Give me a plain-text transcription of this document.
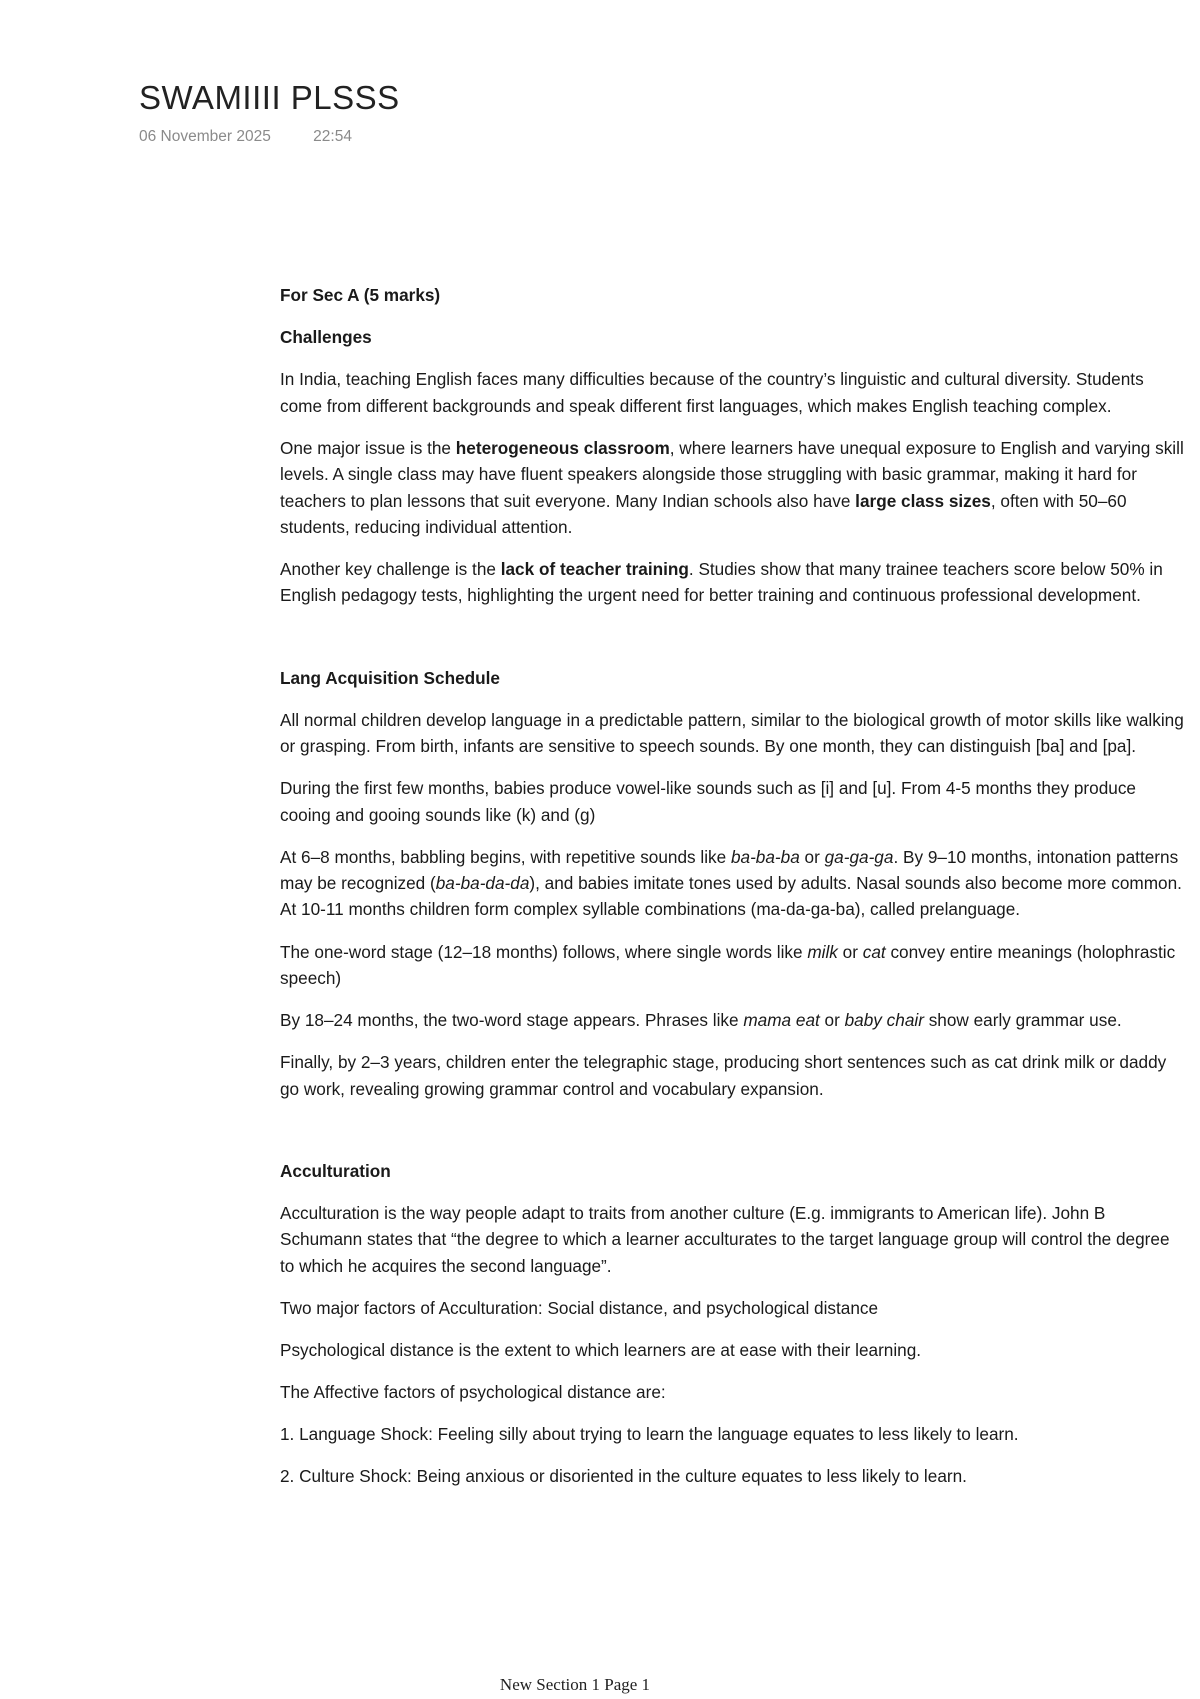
SWAMIIII PLSSS
06 November 2025	22:54
For Sec A (5 marks)
Challenges

In India, teaching English faces many difficulties because of the country’s linguistic and cultural diversity. Students come from different backgrounds and speak different first languages, which makes English teaching complex.

One major issue is the heterogeneous classroom, where learners have unequal exposure to English and varying skill levels. A single class may have fluent speakers alongside those struggling with basic grammar, making it hard for teachers to plan lessons that suit everyone. Many Indian schools also have large class sizes, often with 50–60 students, reducing individual attention.

Another key challenge is the lack of teacher training. Studies show that many trainee teachers score below 50% in English pedagogy tests, highlighting the urgent need for better training and continuous professional development.

Lang Acquisition Schedule

All normal children develop language in a predictable pattern, similar to the biological growth of motor skills like walking or grasping. From birth, infants are sensitive to speech sounds. By one month, they can distinguish [ba] and [pa].

During the first few months, babies produce vowel-like sounds such as [i] and [u]. From 4-5 months they produce cooing and gooing sounds like (k) and (g)

At 6–8 months, babbling begins, with repetitive sounds like ba-ba-ba or ga-ga-ga. By 9–10 months, intonation patterns may be recognized (ba-ba-da-da), and babies imitate tones used by adults. Nasal sounds also become more common. At 10-11 months children form complex syllable combinations (ma-da-ga-ba), called prelanguage.

The one-word stage (12–18 months) follows, where single words like milk or cat convey entire meanings (holophrastic speech)

By 18–24 months, the two-word stage appears. Phrases like mama eat or baby chair show early grammar use.

Finally, by 2–3 years, children enter the telegraphic stage, producing short sentences such as cat drink milk or daddy go work, revealing growing grammar control and vocabulary expansion.

Acculturation

Acculturation is the way people adapt to traits from another culture (E.g. immigrants to American life). John B Schumann states that “the degree to which a learner acculturates to the target language group will control the degree to which he acquires the second language”.

Two major factors of Acculturation: Social distance, and psychological distance

Psychological distance is the extent to which learners are at ease with their learning.

The Affective factors of psychological distance are:

1. Language Shock: Feeling silly about trying to learn the language equates to less likely to learn.

2. Culture Shock: Being anxious or disoriented in the culture equates to less likely to learn.

New Section 1 Page 1
